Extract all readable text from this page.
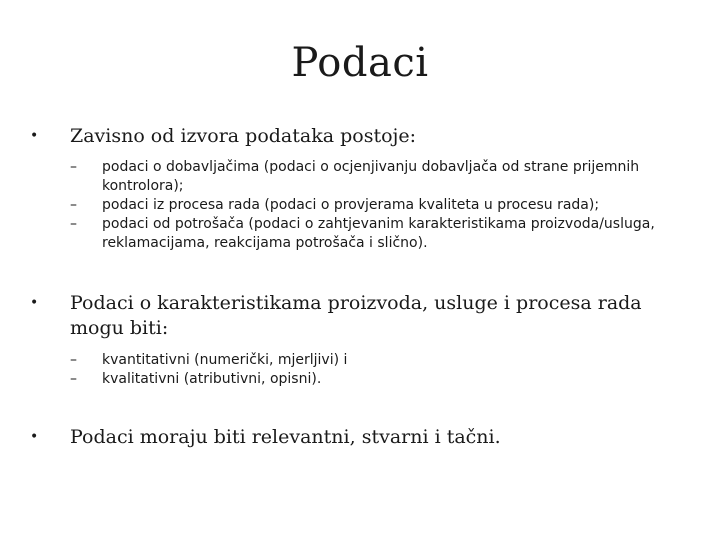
Podaci
•	Zavisno od izvora podataka postoje:
–	podaci o dobavljačima (podaci o ocjenjivanju dobavljača od strane prijemnih kontrolora);
–	podaci iz procesa rada (podaci o provjerama kvaliteta u procesu rada);
–	podaci od potrošača (podaci o zahtjevanim karakteristikama proizvoda/usluga, reklamacijama, reakcijama potrošača i slično).
•	Podaci o karakteristikama proizvoda, usluge i procesa rada mogu biti:
–	kvantitativni (numerički, mjerljivi) i
–	kvalitativni (atributivni, opisni).
•	Podaci moraju biti relevantni, stvarni i tačni.
